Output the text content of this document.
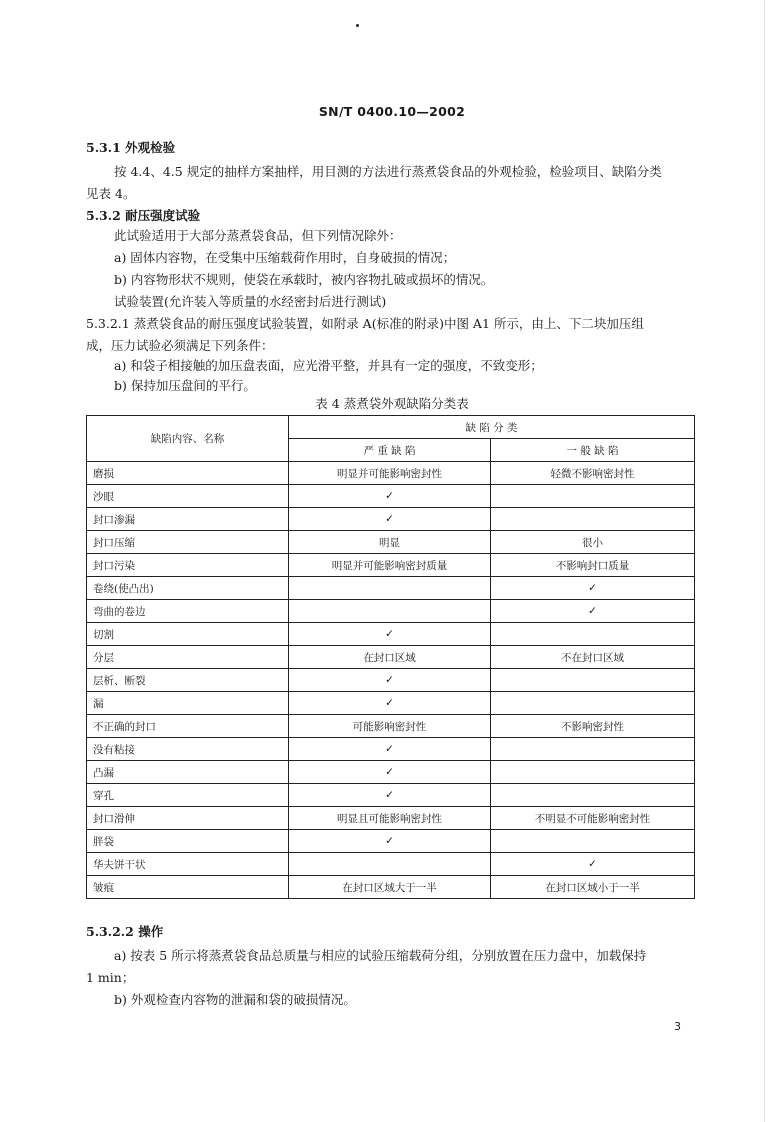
SN/T 0400.10—2002
5.3.1 外观检验
按 4.4、4.5 规定的抽样方案抽样，用目测的方法进行蒸煮袋食品的外观检验，检验项目、缺陷分类
见表 4。
5.3.2 耐压强度试验
此试验适用于大部分蒸煮袋食品，但下列情况除外：
a) 固体内容物，在受集中压缩载荷作用时，自身破损的情况；
b) 内容物形状不规则，使袋在承载时，被内容物扎破或损坏的情况。
试验装置(允许装入等质量的水经密封后进行测试)
5.3.2.1 蒸煮袋食品的耐压强度试验装置，如附录 A(标准的附录)中图 A1 所示，由上、下二块加压组
成，压力试验必须满足下列条件：
a) 和袋子相接触的加压盘表面，应光滑平整，并具有一定的强度，不致变形；
b) 保持加压盘间的平行。
表 4 蒸煮袋外观缺陷分类表
缺陷内容、名称	缺 陷 分 类	
	严 重 缺 陷	一 般 缺 陷
磨损	明显并可能影响密封性	轻微不影响密封性
沙眼	✓	
封口渗漏	✓	
封口压缩	明显	很小
封口污染	明显并可能影响密封质量	不影响封口质量
卷绕(使凸出)		✓
弯曲的卷边		✓
切割	✓	
分层	在封口区域	不在封口区域
层析、断裂	✓	
漏	✓	
不正确的封口	可能影响密封性	不影响密封性
没有粘接	✓	
凸漏	✓	
穿孔	✓	
封口滑伸	明显且可能影响密封性	不明显不可能影响密封性
胖袋	✓	
华夫饼干状		✓
皱痕	在封口区域大于一半	在封口区域小于一半
5.3.2.2 操作
a) 按表 5 所示将蒸煮袋食品总质量与相应的试验压缩载荷分组，分别放置在压力盘中，加载保持
1 min；
b) 外观检查内容物的泄漏和袋的破损情况。
3
